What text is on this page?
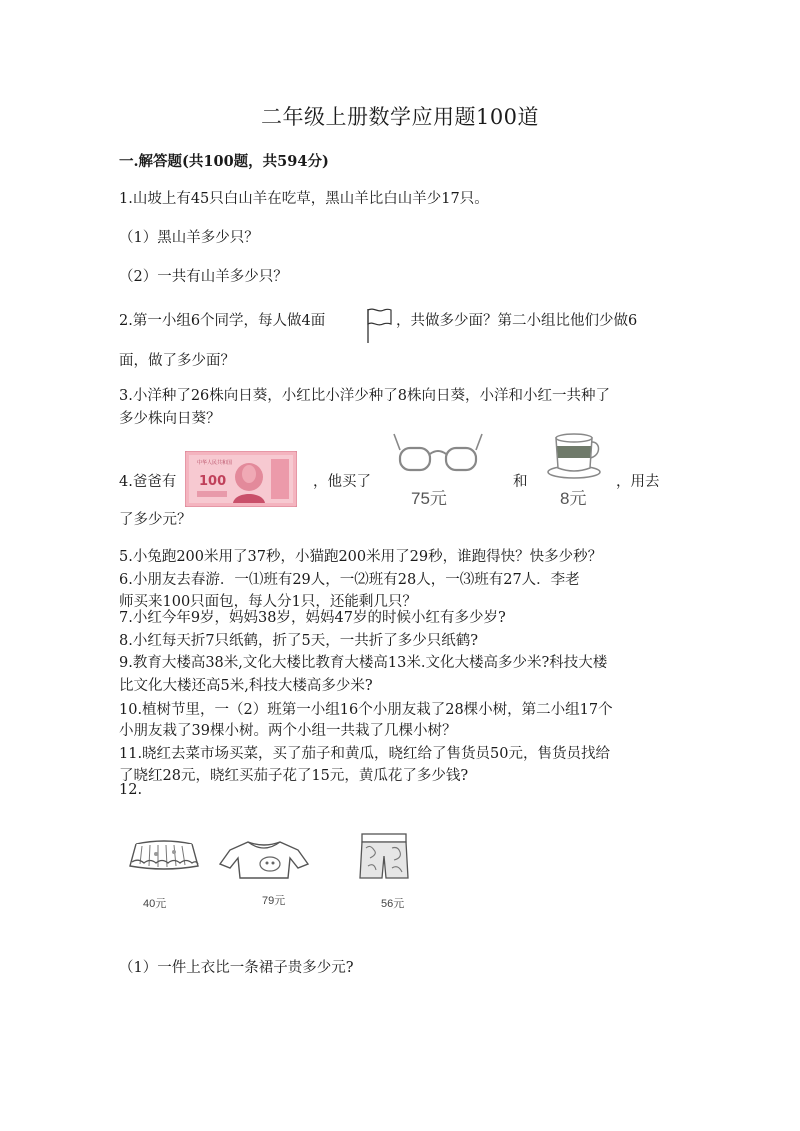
二年级上册数学应用题100道
一.解答题(共100题，共594分)
1.山坡上有45只白山羊在吃草，黑山羊比白山羊少17只。
（1）黑山羊多少只？
（2）一共有山羊多少只？
2.第一小组6个同学，每人做4面	，共做多少面？第二小组比他们少做6
面，做了多少面？
3.小洋种了26株向日葵，小红比小洋少种了8株向日葵，小洋和小红一共种了
多少株向日葵？
4.爸爸有
中华人民共和国
100	，他买了
75元
和
8元
，用去
了多少元？
5.小兔跑200米用了37秒，小猫跑200米用了29秒，谁跑得快？快多少秒？
6.小朋友去春游．一⑴班有29人，一⑵班有28人，一⑶班有27人．李老
师买来100只面包，每人分1只，还能剩几只？
7.小红今年9岁，妈妈38岁，妈妈47岁的时候小红有多少岁?
8.小红每天折7只纸鹤，折了5天，一共折了多少只纸鹤?
9.教育大楼高38米,文化大楼比教育大楼高13米.文化大楼高多少米?科技大楼
比文化大楼还高5米,科技大楼高多少米?
10.植树节里，一（2）班第一小组16个小朋友栽了28棵小树，第二小组17个
小朋友栽了39棵小树。两个小组一共栽了几棵小树？
11.晓红去菜市场买菜，买了茄子和黄瓜，晓红给了售货员50元，售货员找给
了晓红28元，晓红买茄子花了15元，黄瓜花了多少钱?
12.
40元	79元	56元
（1）一件上衣比一条裙子贵多少元?
